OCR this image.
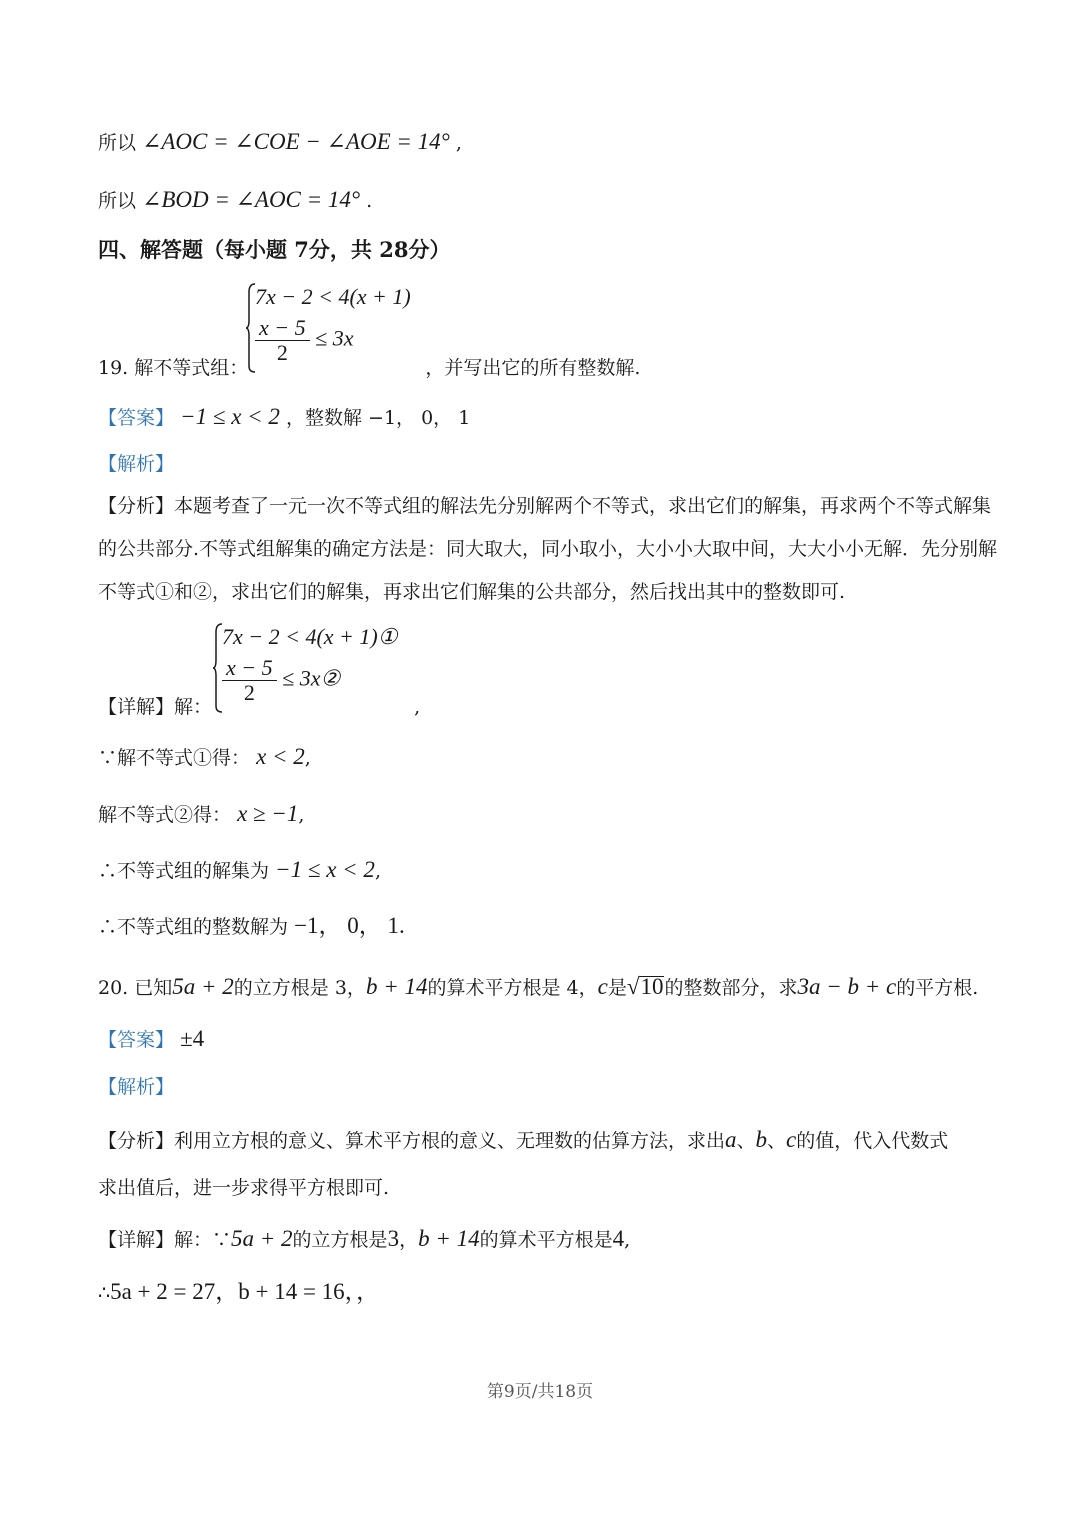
所以 ∠AOC = ∠COE − ∠AOE = 14° ,
所以 ∠BOD = ∠AOC = 14° .
四、解答题（每小题 7分，共 28分）
7x − 2 < 4(x + 1)
$\frac{x - 5}{2} \le 3x$
19. 解不等式组：	，并写出它的所有整数解.
【答案】 −1 ≤ x < 2 ，整数解 −1， 0， 1
【解析】
【分析】本题考查了一元一次不等式组的解法先分别解两个不等式，求出它们的解集，再求两个不等式解集
的公共部分.不等式组解集的确定方法是：同大取大，同小取小，大小小大取中间，大大小小无解．先分别解
不等式①和②，求出它们的解集，再求出它们解集的公共部分，然后找出其中的整数即可.
7x − 2 < 4(x + 1)①
$\frac{x - 5}{2}$ ≤ 3x②
【详解】解：	,
∵解不等式①得： x < 2,
解不等式②得： x ≥ −1,
∴不等式组的解集为 −1 ≤ x < 2,
∴不等式组的整数解为 −1， 0， 1.
20. 已知5a + 2的立方根是 3，b + 14的算术平方根是 4，c是√10的整数部分，求3a − b + c的平方根.
【答案】 ±4
【解析】
【分析】利用立方根的意义、算术平方根的意义、无理数的估算方法，求出a、b、c的值，代入代数式
求出值后，进一步求得平方根即可.
【详解】解：∵5a + 2的立方根是3，b + 14的算术平方根是4,
∴5a + 2 = 27，b + 14 = 16，，
第9页/共18页
